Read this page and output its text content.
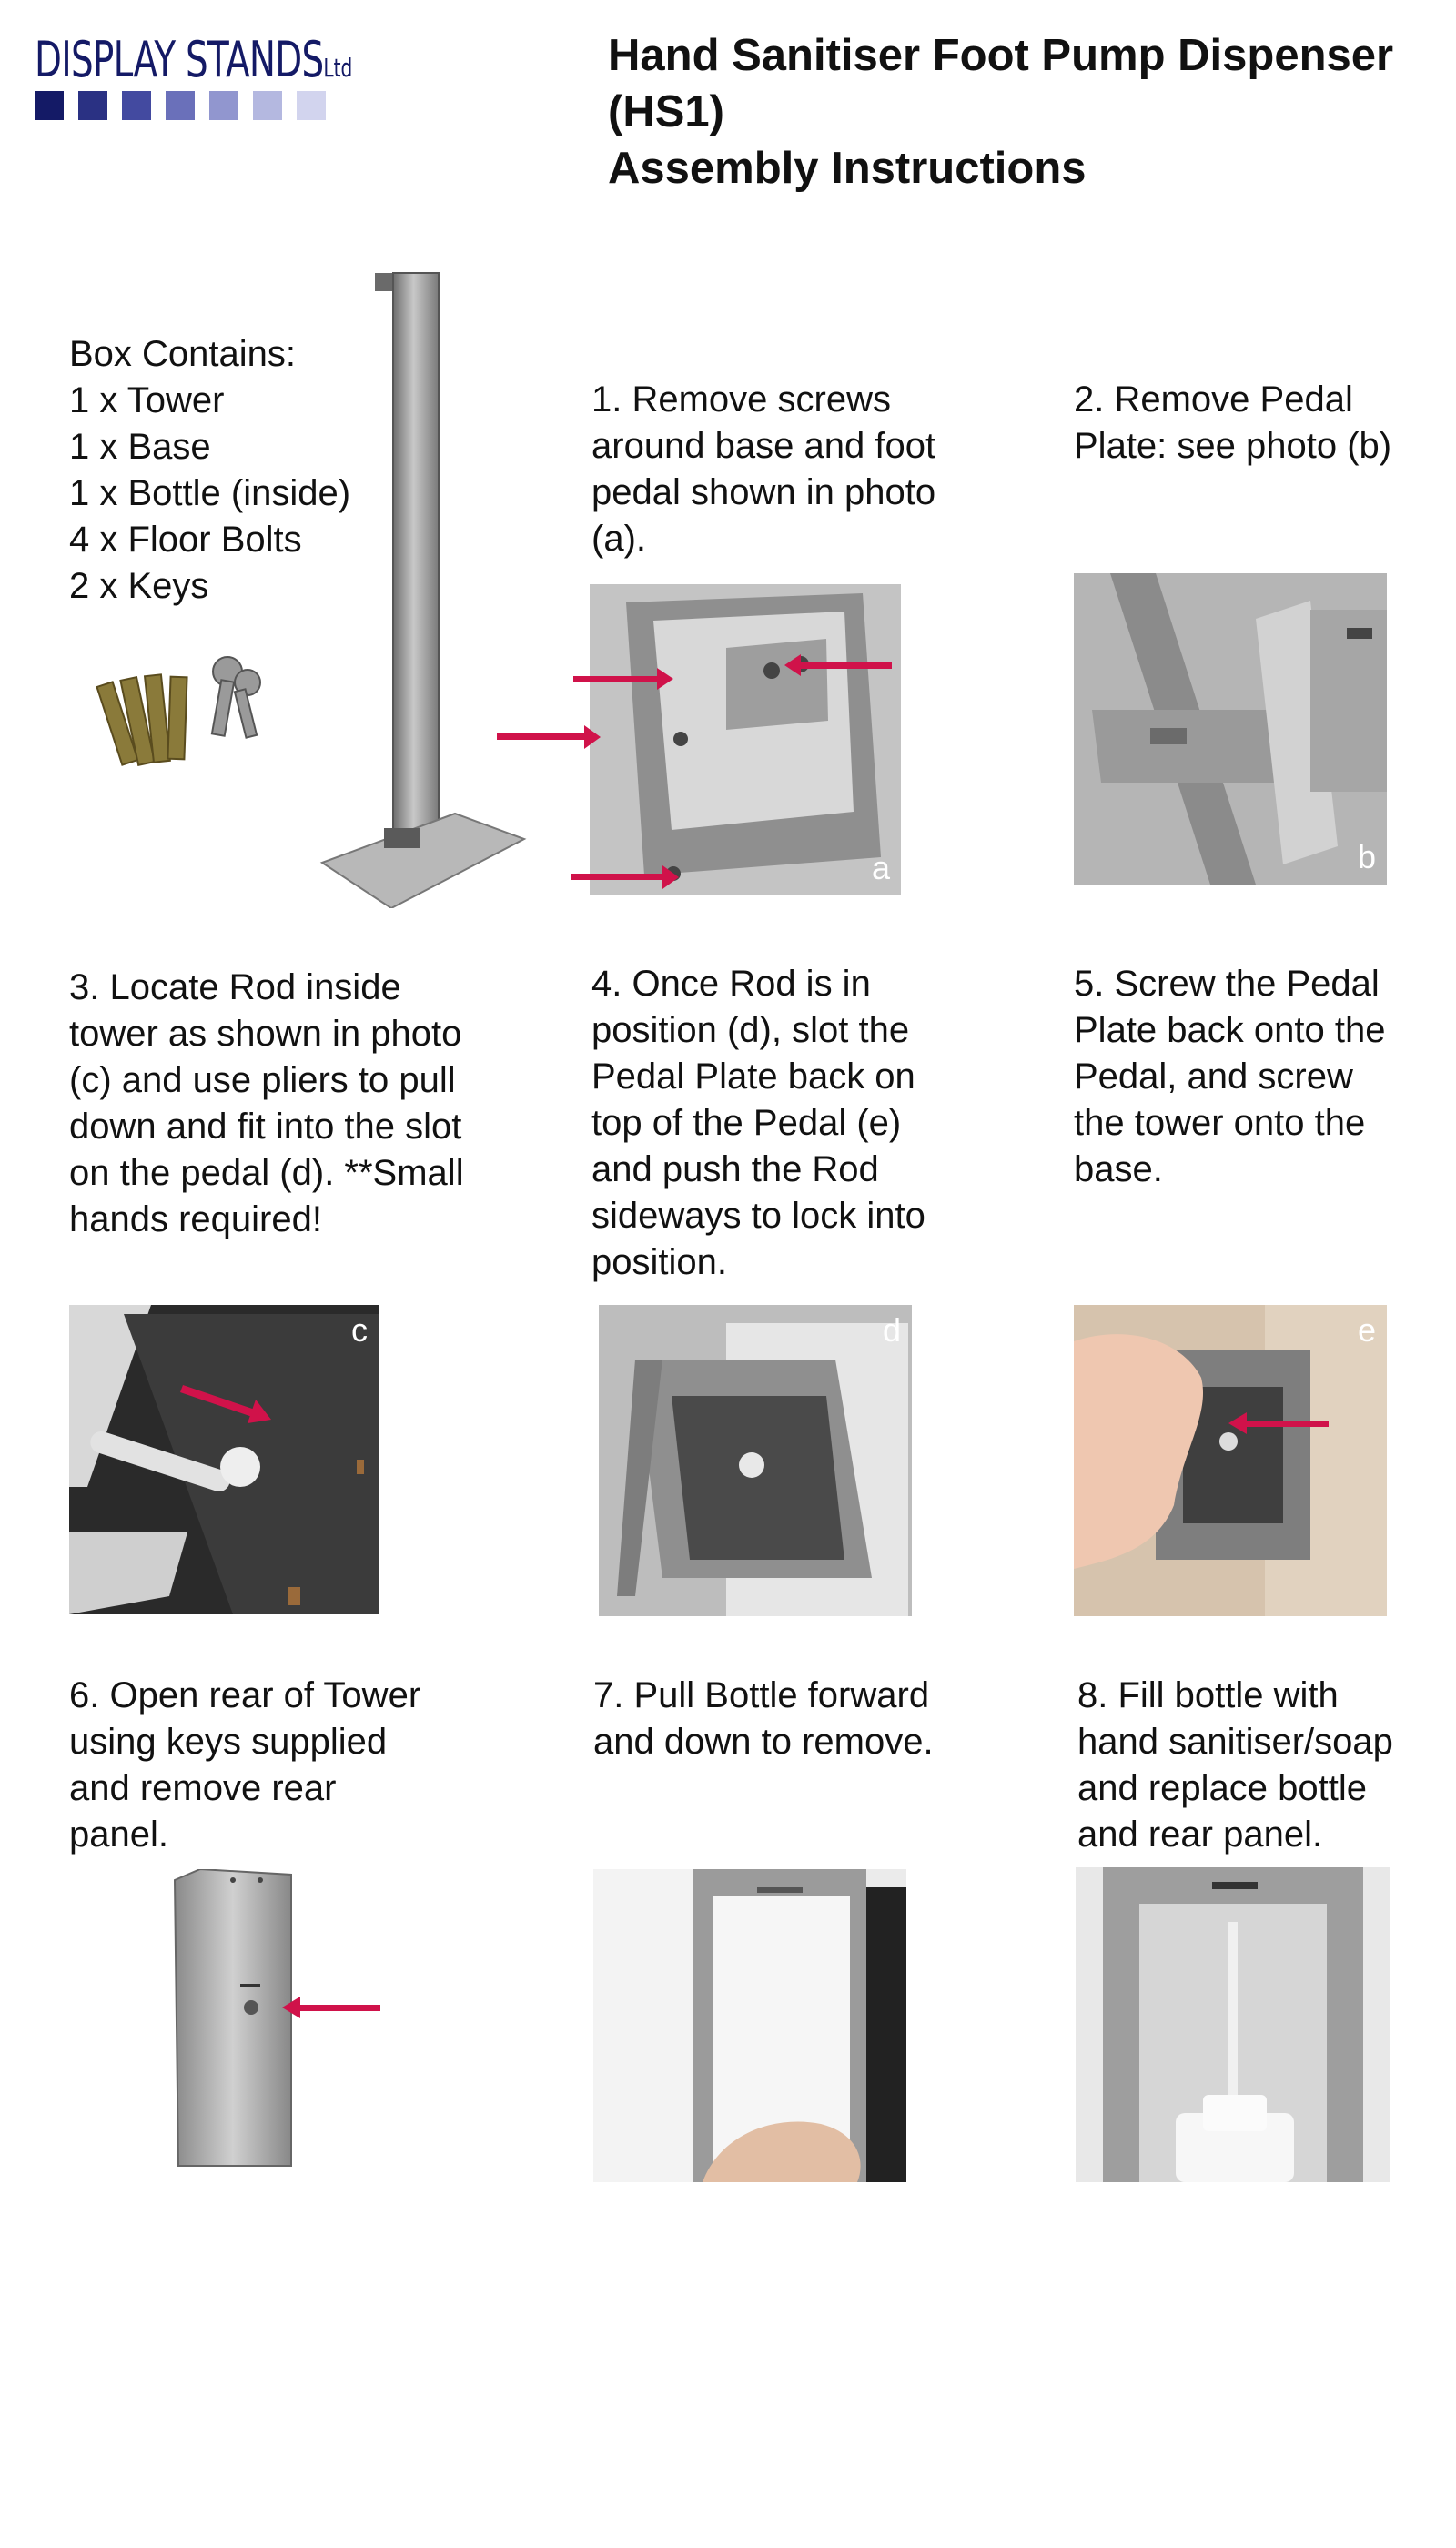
DISPLAY STANDSLtd	Hand Sanitiser Foot Pump Dispenser
(HS1)
Assembly Instructions
Box Contains:
1 x Tower
1 x Base
1 x Bottle (inside)
4 x Floor Bolts
2 x Keys
1. Remove screws
around base and foot
pedal shown in photo
(a).
2. Remove Pedal
Plate: see photo (b)
a	b
3. Locate Rod inside
tower as shown in photo
(c) and use pliers to pull
down and fit into the slot
on the pedal (d). **Small
hands required!
4. Once Rod is in
position (d), slot the
Pedal Plate back on
top of the Pedal (e)
and push the Rod
sideways to lock into
position.
5. Screw the Pedal
Plate back onto the
Pedal, and screw
the tower onto the
base.
c	d	e
6. Open rear of Tower
using keys supplied
and remove rear
panel.
7. Pull Bottle forward
and down to remove.
8. Fill bottle with
hand sanitiser/soap
and replace bottle
and rear panel.
